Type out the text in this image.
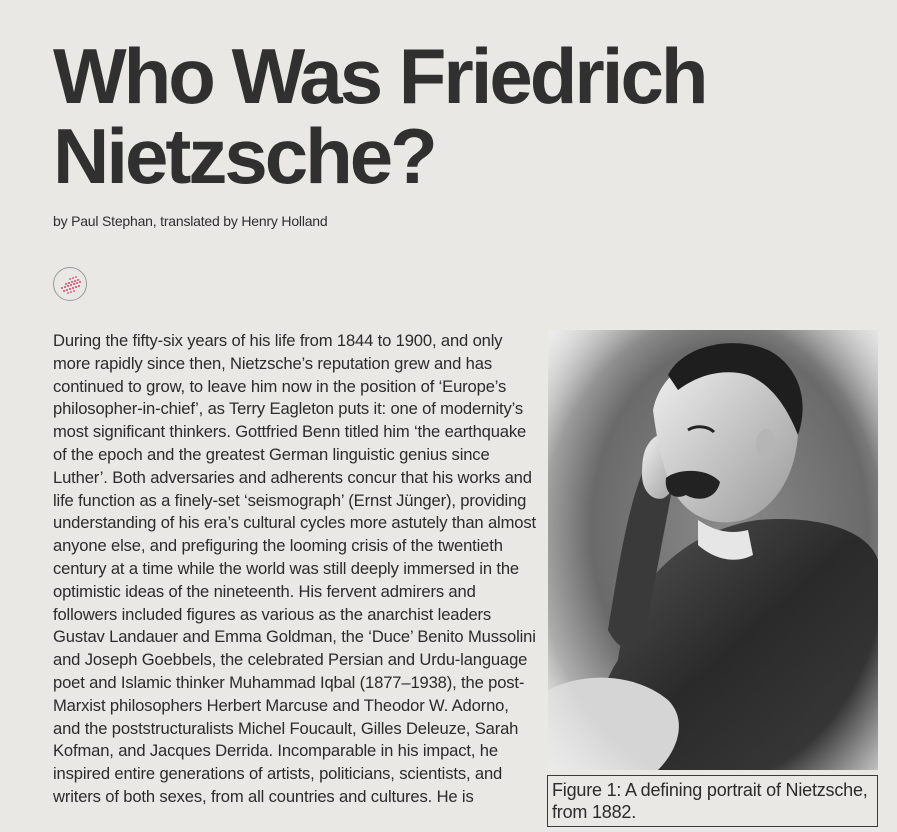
Who Was Friedrich Nietzsche?
by Paul Stephan, translated by Henry Holland

During the fifty-six years of his life from 1844 to 1900, and only more rapidly since then, Nietzsche’s reputation grew and has continued to grow, to leave him now in the position of ‘Europe’s philosopher-in-chief’, as Terry Eagleton puts it: one of modernity’s most significant thinkers. Gottfried Benn titled him ‘the earthquake of the epoch and the greatest German linguistic genius since Luther’. Both adversaries and adherents concur that his works and life function as a finely-set ‘seismograph’ (Ernst Jünger), providing understanding of his era’s cultural cycles more astutely than almost anyone else, and prefiguring the looming crisis of the twentieth century at a time while the world was still deeply immersed in the optimistic ideas of the nineteenth. His fervent admirers and followers included figures as various as the anarchist leaders Gustav Landauer and Emma Goldman, the ‘Duce’ Benito Mussolini and Joseph Goebbels, the celebrated Persian and Urdu-language poet and Islamic thinker Muhammad Iqbal (1877–1938), the post-Marxist philosophers Herbert Marcuse and Theodor W. Adorno, and the poststructuralists Michel Foucault, Gilles Deleuze, Sarah Kofman, and Jacques Derrida. Incomparable in his impact, he inspired entire generations of artists, politicians, scientists, and writers of both sexes, from all countries and cultures. He is	Figure 1: A defining portrait of Nietzsche, from 1882.
